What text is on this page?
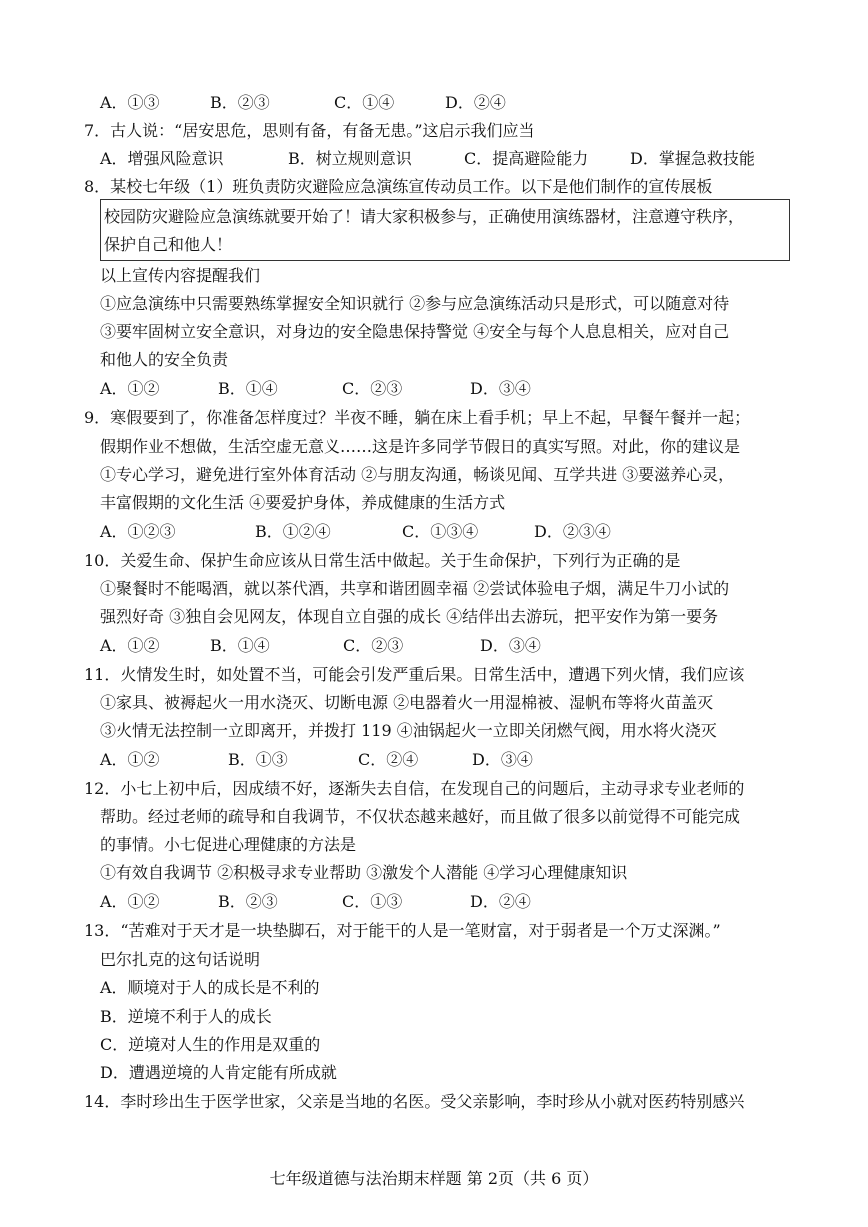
A．①③	B．②③	C．①④	D．②④
7．古人说：“居安思危，思则有备，有备无患。”这启示我们应当
A．增强风险意识	B．树立规则意识	C．提高避险能力	D．掌握急救技能
8．某校七年级（1）班负责防灾避险应急演练宣传动员工作。以下是他们制作的宣传展板
校园防灾避险应急演练就要开始了！请大家积极参与，正确使用演练器材，注意遵守秩序，
保护自己和他人！
以上宣传内容提醒我们
①应急演练中只需要熟练掌握安全知识就行 ②参与应急演练活动只是形式，可以随意对待
③要牢固树立安全意识，对身边的安全隐患保持警觉 ④安全与每个人息息相关，应对自己
和他人的安全负责
A．①②	B．①④	C．②③	D．③④
9．寒假要到了，你准备怎样度过？半夜不睡，躺在床上看手机；早上不起，早餐午餐并一起；
假期作业不想做，生活空虚无意义……这是许多同学节假日的真实写照。对此，你的建议是
①专心学习，避免进行室外体育活动 ②与朋友沟通，畅谈见闻、互学共进 ③要滋养心灵，
丰富假期的文化生活 ④要爱护身体，养成健康的生活方式
A．①②③	B．①②④	C．①③④	D．②③④
10．关爱生命、保护生命应该从日常生活中做起。关于生命保护，下列行为正确的是
①聚餐时不能喝酒，就以茶代酒，共享和谐团圆幸福 ②尝试体验电子烟，满足牛刀小试的
强烈好奇 ③独自会见网友，体现自立自强的成长 ④结伴出去游玩，把平安作为第一要务
A．①②	B．①④	C．②③	D．③④
11．火情发生时，如处置不当，可能会引发严重后果。日常生活中，遭遇下列火情，我们应该
①家具、被褥起火一用水浇灭、切断电源 ②电器着火一用湿棉被、湿帆布等将火苗盖灭
③火情无法控制一立即离开，并拨打 119 ④油锅起火一立即关闭燃气阀，用水将火浇灭
A．①②	B．①③	C．②④	D．③④
12．小七上初中后，因成绩不好，逐渐失去自信，在发现自己的问题后，主动寻求专业老师的
帮助。经过老师的疏导和自我调节，不仅状态越来越好，而且做了很多以前觉得不可能完成
的事情。小七促进心理健康的方法是
①有效自我调节 ②积极寻求专业帮助 ③激发个人潜能 ④学习心理健康知识
A．①②	B．②③	C．①③	D．②④
13．“苦难对于天才是一块垫脚石，对于能干的人是一笔财富，对于弱者是一个万丈深渊。”
巴尔扎克的这句话说明
A．顺境对于人的成长是不利的
B．逆境不利于人的成长
C．逆境对人生的作用是双重的
D．遭遇逆境的人肯定能有所成就
14．李时珍出生于医学世家，父亲是当地的名医。受父亲影响，李时珍从小就对医药特别感兴
七年级道德与法治期末样题 第 2页（共 6 页）
